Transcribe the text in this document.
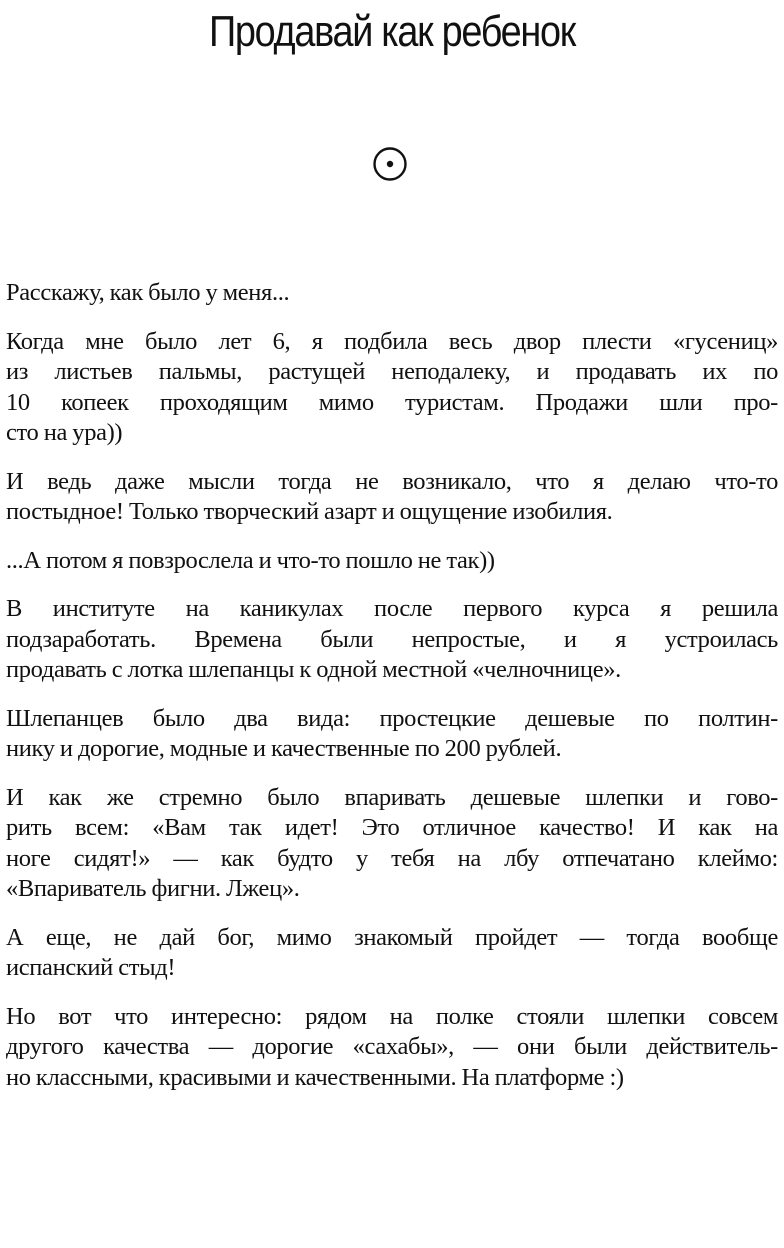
Продавай как ребенок

Расскажу, как было у меня...

Когда мне было лет 6, я подбила весь двор плести «гусениц»
из листьев пальмы, растущей неподалеку, и продавать их по
10 копеек проходящим мимо туристам. Продажи шли про-
сто на ура))

И ведь даже мысли тогда не возникало, что я делаю что-то
постыдное! Только творческий азарт и ощущение изобилия.

...А потом я повзрослела и что-то пошло не так))

В институте на каникулах после первого курса я решила
подзаработать. Времена были непростые, и я устроилась
продавать с лотка шлепанцы к одной местной «челночнице».

Шлепанцев было два вида: простецкие дешевые по полтин-
нику и дорогие, модные и качественные по 200 рублей.

И как же стремно было впаривать дешевые шлепки и гово-
рить всем: «Вам так идет! Это отличное качество! И как на
ноге сидят!» — как будто у тебя на лбу отпечатано клеймо:
«Впариватель фигни. Лжец».

А еще, не дай бог, мимо знакомый пройдет — тогда вообще
испанский стыд!

Но вот что интересно: рядом на полке стояли шлепки совсем
другого качества — дорогие «сахабы», — они были действитель-
но классными, красивыми и качественными. На платформе :)
